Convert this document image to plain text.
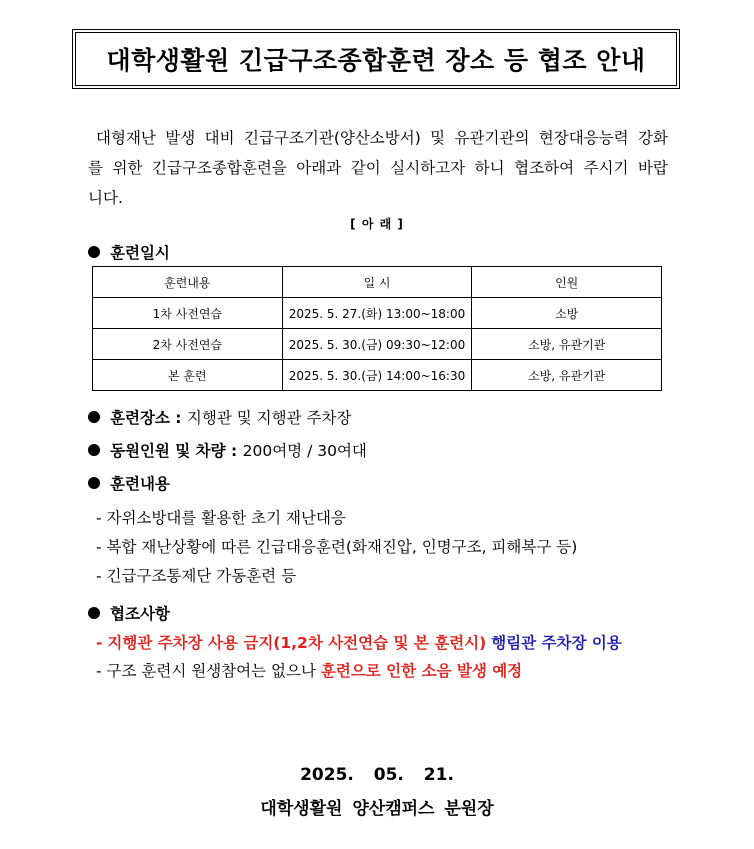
대학생활원 긴급구조종합훈련 장소 등 협조 안내

대형재난 발생 대비 긴급구조기관(양산소방서) 및 유관기관의 현장대응능력 강화를 위한 긴급구조종합훈련을 아래과 같이 실시하고자 하니 협조하여 주시기 바랍니다.

[ 아 래 ]
훈련일시
훈련내용	일 시	인원
1차 사전연습	2025. 5. 27.(화) 13:00~18:00	소방
2차 사전연습	2025. 5. 30.(금) 09:30~12:00	소방, 유관기관
본 훈련	2025. 5. 30.(금) 14:00~16:30	소방, 유관기관
훈련장소 :
지행관 및 지행관 주차장
동원인원 및 차량 :
200여명 / 30여대
훈련내용
- 자위소방대를 활용한 초기 재난대응
- 복합 재난상황에 따른 긴급대응훈련(화재진압, 인명구조, 피해복구 등)
- 긴급구조통제단 가동훈련 등
협조사항
- 지행관 주차장 사용 금지(1,2차 사전연습 및 본 훈련시) 행림관 주차장 이용
- 구조 훈련시 원생참여는 없으나 훈련으로 인한 소음 발생 예정
2025. 05. 21.
대학생활원 양산캠퍼스 분원장
